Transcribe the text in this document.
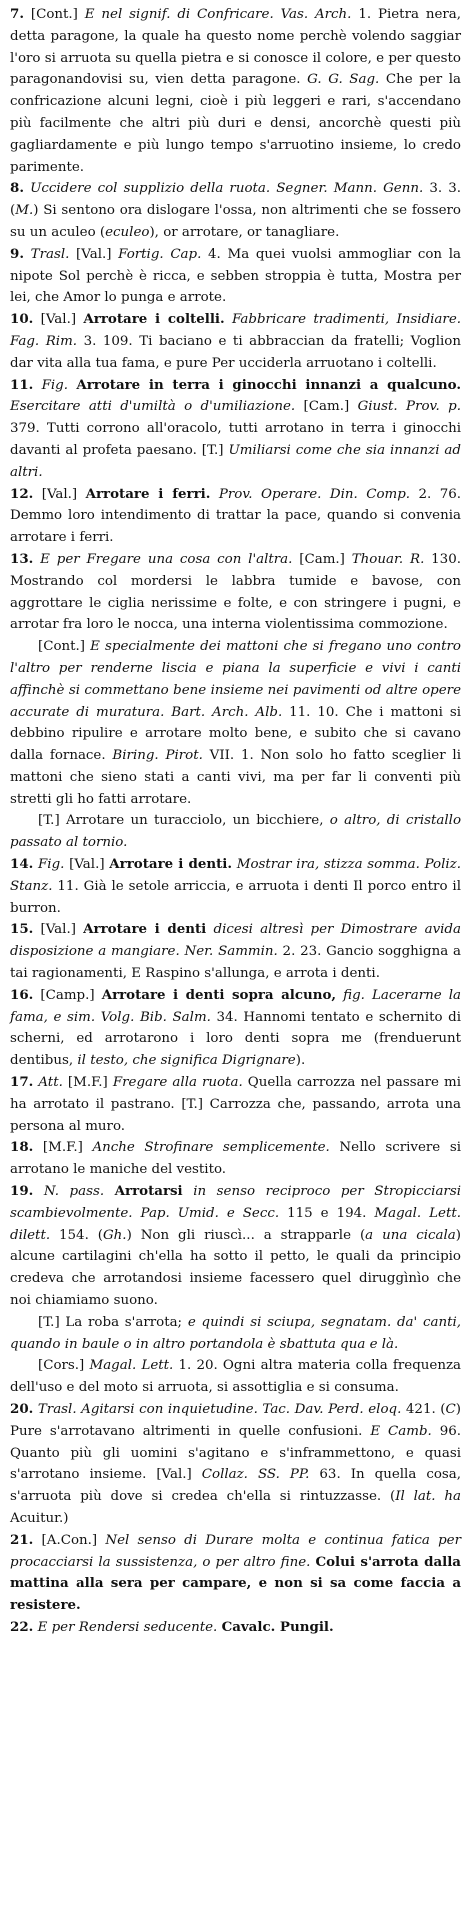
7. [Cont.] E nel signif. di Confricare. Vas. Arch. 1. Pietra nera, detta paragone, la quale ha questo nome perchè volendo saggiar l'oro si arruota su quella pietra e si conosce il colore, e per questo paragonandovisi su, vien detta paragone. G. G. Sag. Che per la confricazione alcuni legni, cioè i più leggeri e rari, s'accendano più facilmente che altri più duri e densi, ancorchè questi più gagliardamente e più lungo tempo s'arruotino insieme, lo credo parimente.

8. Uccidere col supplizio della ruota. Segner. Mann. Genn. 3. 3. (M.) Si sentono ora dislogare l'ossa, non altrimenti che se fossero su un aculeo (eculeo), or arrotare, or tanagliare.

9. Trasl. [Val.] Fortig. Cap. 4. Ma quei vuolsi ammogliar con la nipote Sol perchè è ricca, e sebben stroppia è tutta, Mostra per lei, che Amor lo punga e arrote.

10. [Val.] Arrotare i coltelli. Fabbricare tradimenti, Insidiare. Fag. Rim. 3. 109. Ti baciano e ti abbraccian da fratelli; Voglion dar vita alla tua fama, e pure Per ucciderla arruotano i coltelli.

11. Fig. Arrotare in terra i ginocchi innanzi a qualcuno. Esercitare atti d'umiltà o d'umiliazione. [Cam.] Giust. Prov. p. 379. Tutti corrono all'oracolo, tutti arrotano in terra i ginocchi davanti al profeta paesano. [T.] Umiliarsi come che sia innanzi ad altri.

12. [Val.] Arrotare i ferri. Prov. Operare. Din. Comp. 2. 76. Demmo loro intendimento di trattar la pace, quando si convenia arrotare i ferri.

13. E per Fregare una cosa con l'altra. [Cam.] Thouar. R. 130. Mostrando col mordersi le labbra tumide e bavose, con aggrottare le ciglia nerissime e folte, e con stringere i pugni, e arrotar fra loro le nocca, una interna violentissima commozione.

[Cont.] E specialmente dei mattoni che si fregano uno contro l'altro per renderne liscia e piana la superficie e vivi i canti affinchè si commettano bene insieme nei pavimenti od altre opere accurate di muratura. Bart. Arch. Alb. 11. 10. Che i mattoni si debbino ripulire e arrotare molto bene, e subito che si cavano dalla fornace. Biring. Pirot. VII. 1. Non solo ho fatto sceglier li mattoni che sieno stati a canti vivi, ma per far li conventi più stretti gli ho fatti arrotare.

[T.] Arrotare un turacciolo, un bicchiere, o altro, di cristallo passato al tornio.

14. Fig. [Val.] Arrotare i denti. Mostrar ira, stizza somma. Poliz. Stanz. 11. Già le setole arriccia, e arruota i denti Il porco entro il burron.

15. [Val.] Arrotare i denti dicesi altresì per Dimostrare avida disposizione a mangiare. Ner. Sammin. 2. 23. Gancio sogghigna a tai ragionamenti, E Raspino s'allunga, e arrota i denti.

16. [Camp.] Arrotare i denti sopra alcuno, fig. Lacerarne la fama, e sim. Volg. Bib. Salm. 34. Hannomi tentato e schernito di scherni, ed arrotarono i loro denti sopra me (frenduerunt dentibus, il testo, che significa Digrignare).

17. Att. [M.F.] Fregare alla ruota. Quella carrozza nel passare mi ha arrotato il pastrano. [T.] Carrozza che, passando, arrota una persona al muro.

18. [M.F.] Anche Strofinare semplicemente. Nello scrivere si arrotano le maniche del vestito.

19. N. pass. Arrotarsi in senso reciproco per Stropicciarsi scambievolmente. Pap. Umid. e Secc. 115 e 194. Magal. Lett. dilett. 154. (Gh.) Non gli riuscì... a strapparle (a una cicala) alcune cartilagini ch'ella ha sotto il petto, le quali da principio credeva che arrotandosi insieme facessero quel diruggìnìo che noi chiamiamo suono.

[T.] La roba s'arrota; e quindi si sciupa, segnatam. da' canti, quando in baule o in altro portandola è sbattuta qua e là.

[Cors.] Magal. Lett. 1. 20. Ogni altra materia colla frequenza dell'uso e del moto si arruota, si assottiglia e si consuma.

20. Trasl. Agitarsi con inquietudine. Tac. Dav. Perd. eloq. 421. (C) Pure s'arrotavano altrimenti in quelle confusioni. E Camb. 96. Quanto più gli uomini s'agitano e s'inframmettono, e quasi s'arrotano insieme. [Val.] Collaz. SS. PP. 63. In quella cosa, s'arruota più dove si credea ch'ella si rintuzzasse. (Il lat. ha Acuitur.)

21. [A.Con.] Nel senso di Durare molta e continua fatica per procacciarsi la sussistenza, o per altro fine. Colui s'arrota dalla mattina alla sera per campare, e non si sa come faccia a resistere.

22. E per Rendersi seducente. Cavalc. Pungil.
